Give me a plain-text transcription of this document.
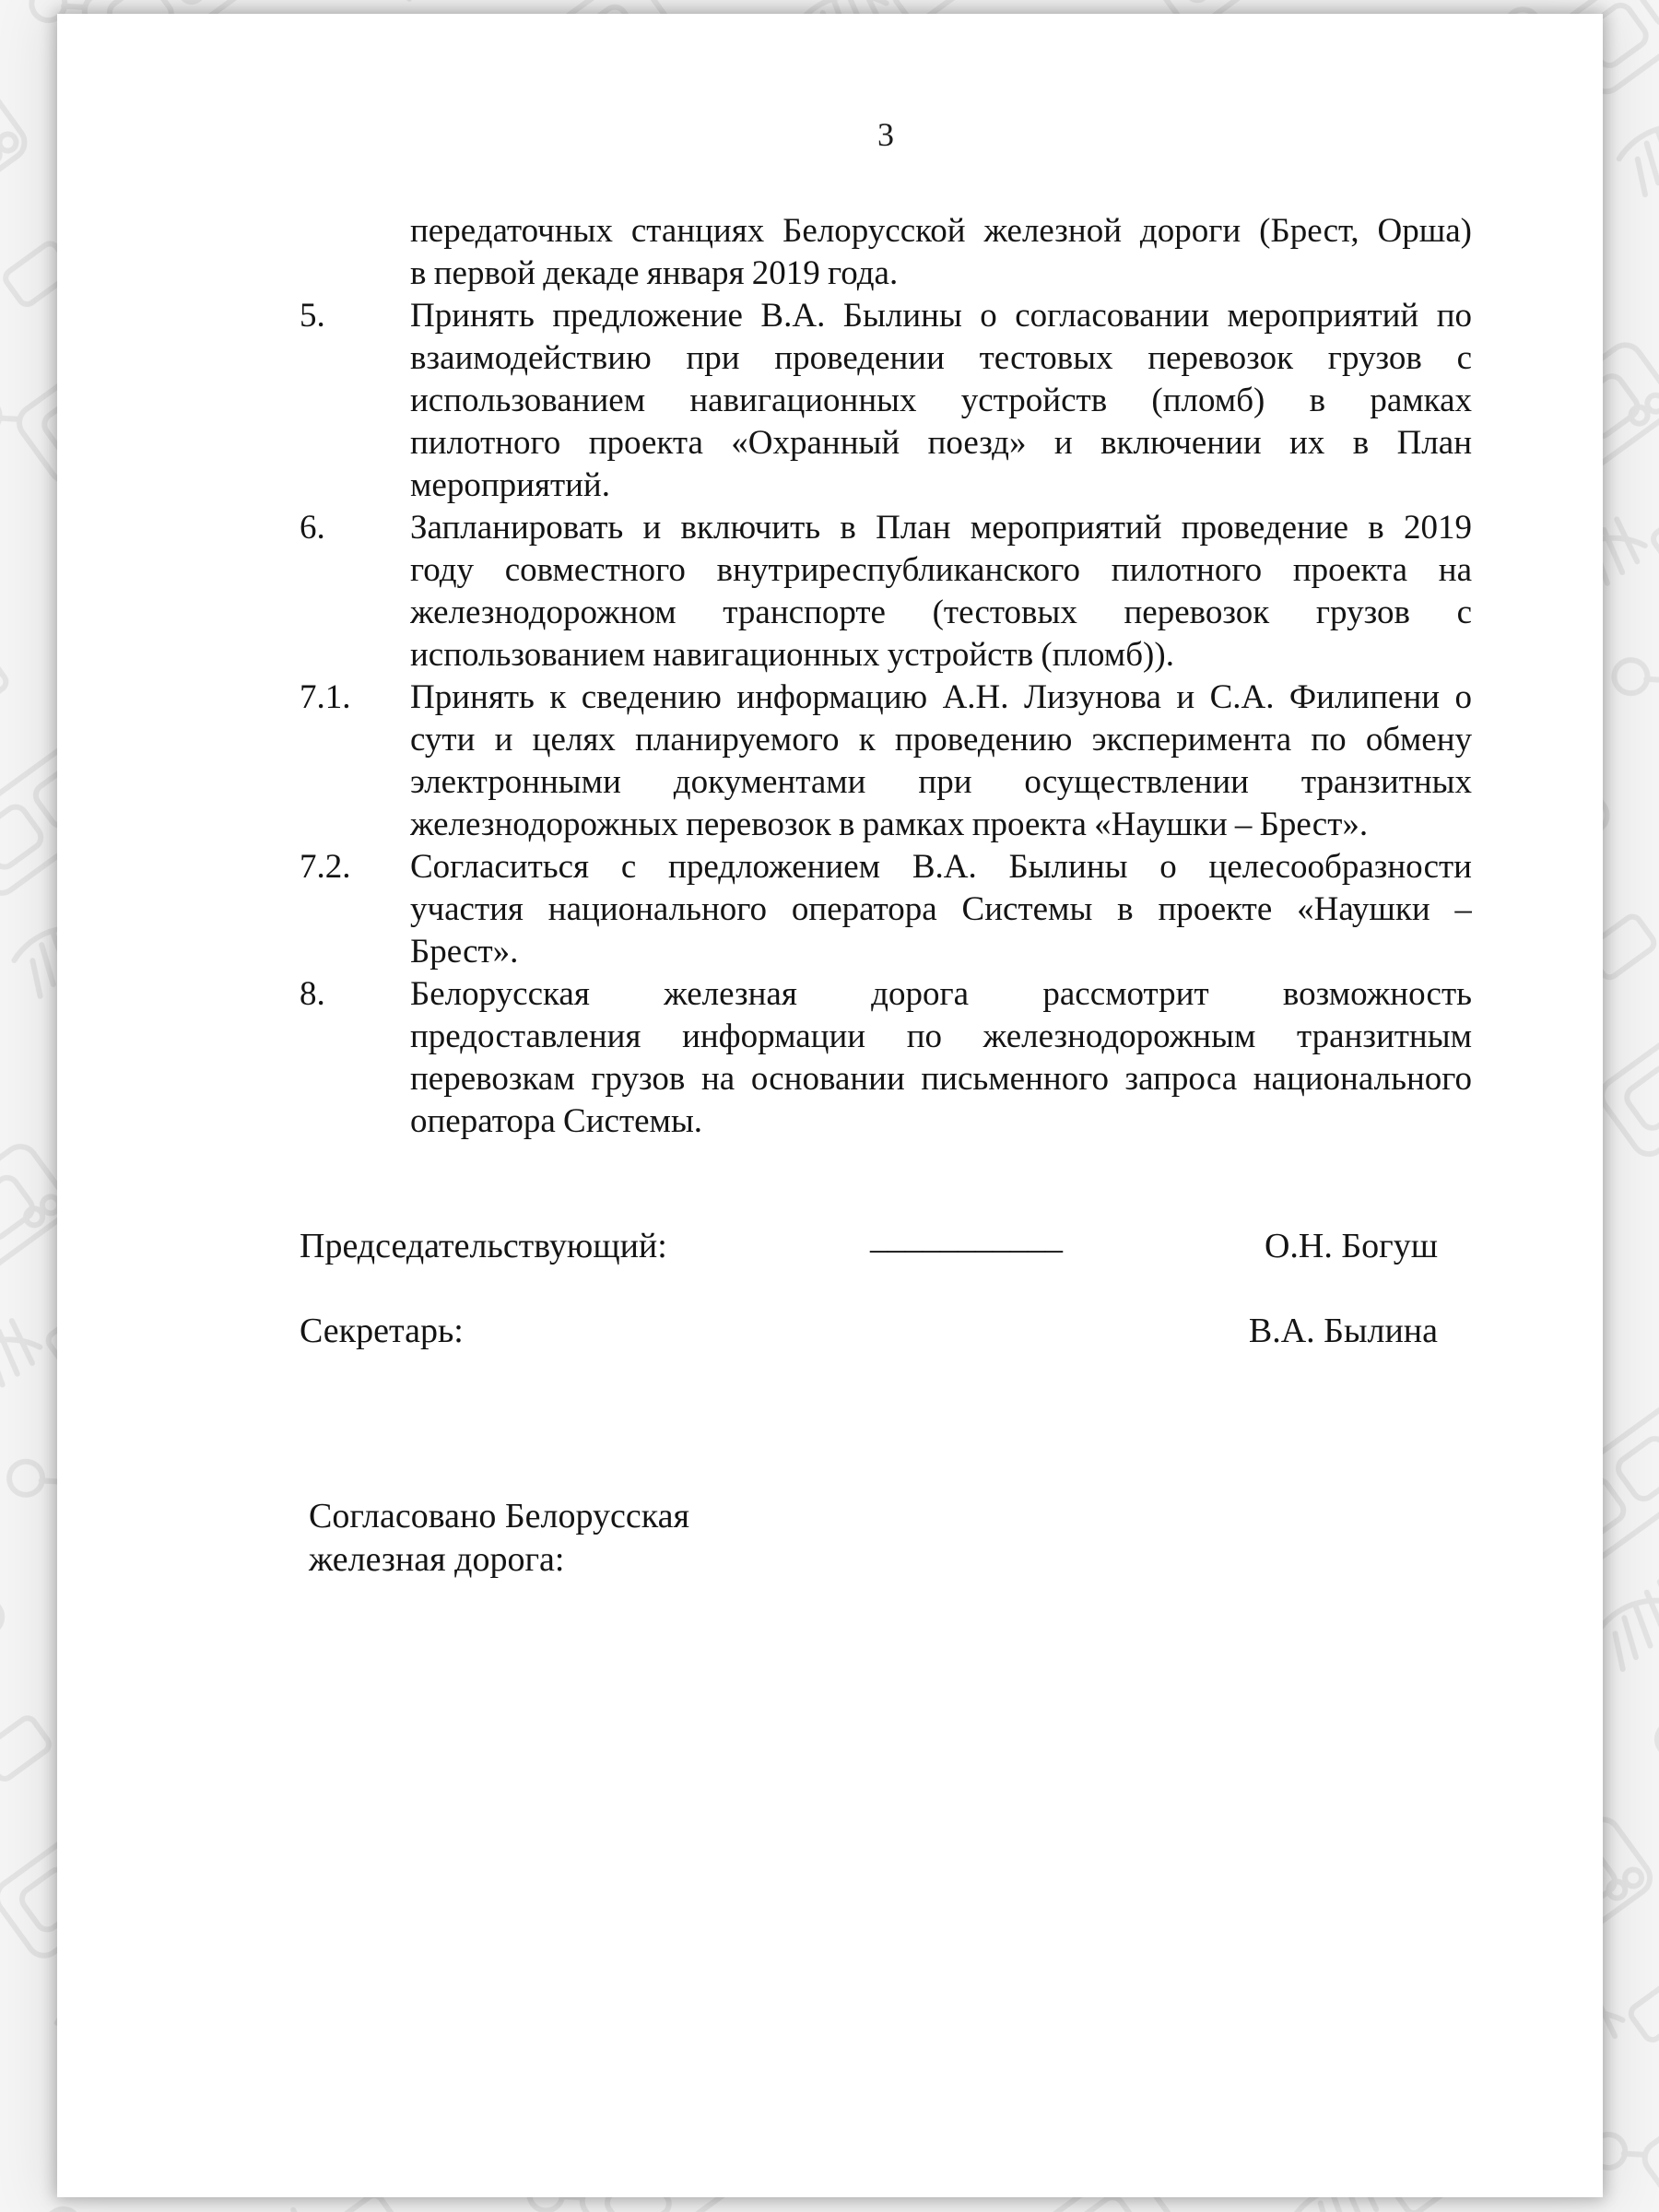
3
передаточных станциях Белорусской железной дороги (Брест, Орша)
в первой декаде января 2019 года.
5. Принять предложение В.А. Былины о согласовании мероприятий по
взаимодействию при проведении тестовых перевозок грузов с
использованием навигационных устройств (пломб) в рамках
пилотного проекта «Охранный поезд» и включении их в План
мероприятий.
6. Запланировать и включить в План мероприятий проведение в 2019
году совместного внутриреспубликанского пилотного проекта на
железнодорожном транспорте (тестовых перевозок грузов с
использованием навигационных устройств (пломб)).
7.1. Принять к сведению информацию А.Н. Лизунова и С.А. Филипени о
сути и целях планируемого к проведению эксперимента по обмену
электронными документами при осуществлении транзитных
железнодорожных перевозок в рамках проекта «Наушки – Брест».
7.2. Согласиться с предложением В.А. Былины о целесообразности
участия национального оператора Системы в проекте «Наушки –
Брест».
8. Белорусская железная дорога рассмотрит возможность
предоставления информации по железнодорожным транзитным
перевозкам грузов на основании письменного запроса национального
оператора Системы.
Председательствующий:	___________	О.Н. Богуш
Секретарь:	В.А. Былина
Согласовано Белорусская
железная дорога:
